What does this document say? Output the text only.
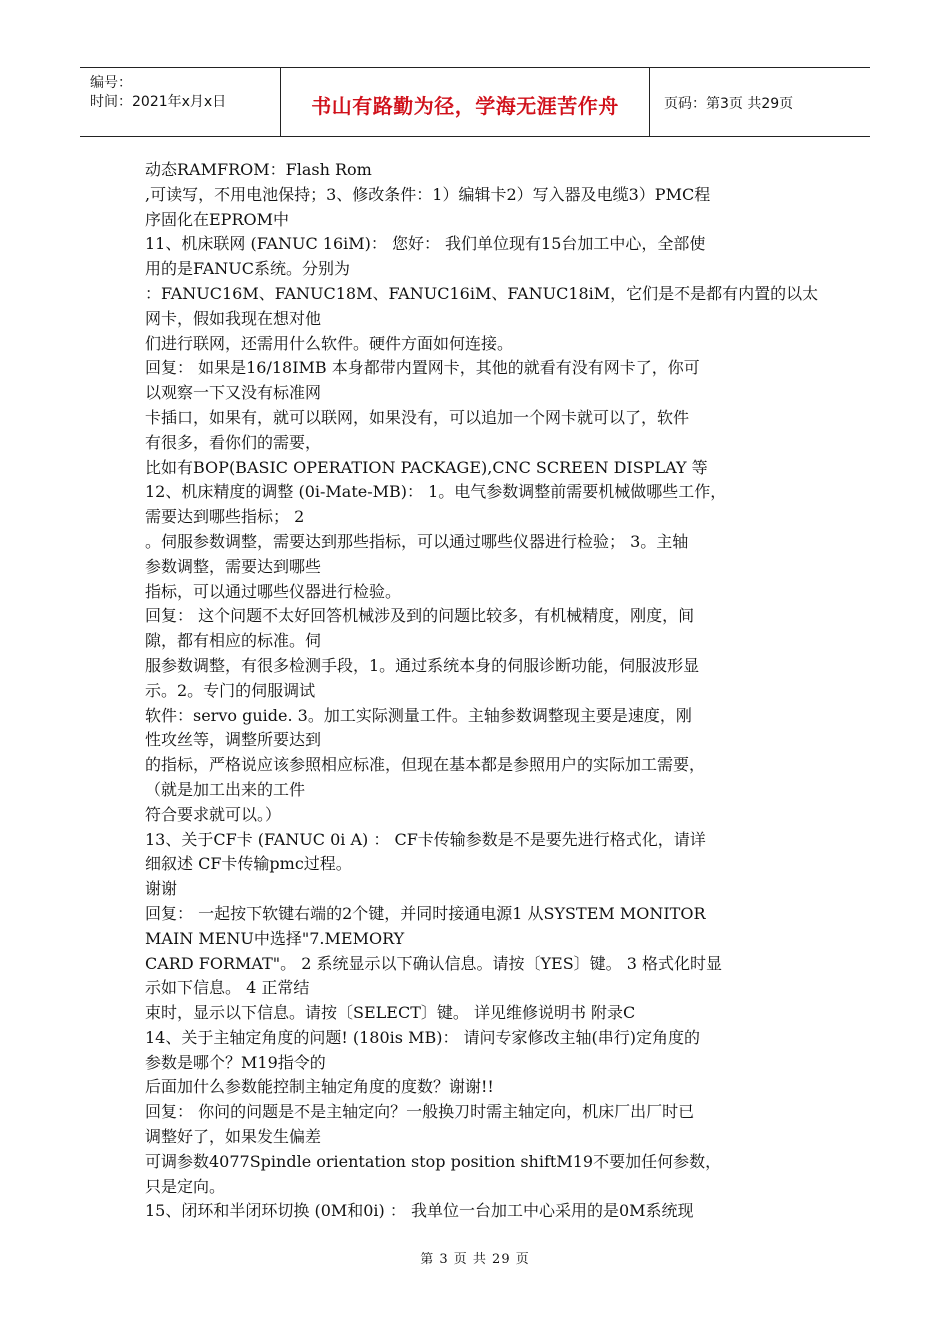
编号：
时间：2021年x月x日	书山有路勤为径，学海无涯苦作舟	页码：第3页 共29页
动态RAMFROM：Flash Rom
,可读写，不用电池保持；3、修改条件：1）编辑卡2）写入器及电缆3）PMC程
序固化在EPROM中
11、机床联网 (FANUC 16iM)： 您好： 我们单位现有15台加工中心，全部使
用的是FANUC系统。分别为
：FANUC16M、FANUC18M、FANUC16iM、FANUC18iM，它们是不是都有内置的以太
网卡，假如我现在想对他
们进行联网，还需用什么软件。硬件方面如何连接。
回复： 如果是16/18IMB 本身都带内置网卡，其他的就看有没有网卡了，你可
以观察一下又没有标准网
卡插口，如果有，就可以联网，如果没有，可以追加一个网卡就可以了，软件
有很多，看你们的需要，
比如有BOP(BASIC OPERATION PACKAGE),CNC SCREEN DISPLAY 等
12、机床精度的调整 (0i-Mate-MB)： 1。电气参数调整前需要机械做哪些工作，
需要达到哪些指标； 2
。伺服参数调整，需要达到那些指标，可以通过哪些仪器进行检验； 3。主轴
参数调整，需要达到哪些
指标，可以通过哪些仪器进行检验。
回复： 这个问题不太好回答机械涉及到的问题比较多，有机械精度，刚度，间
隙，都有相应的标准。伺
服参数调整，有很多检测手段，1。通过系统本身的伺服诊断功能，伺服波形显
示。2。专门的伺服调试
软件：servo guide. 3。加工实际测量工件。主轴参数调整现主要是速度，刚
性攻丝等，调整所要达到
的指标，严格说应该参照相应标准，但现在基本都是参照用户的实际加工需要，
（就是加工出来的工件
符合要求就可以。）
13、关于CF卡 (FANUC 0i A) ： CF卡传输参数是不是要先进行格式化，请详
细叙述 CF卡传输pmc过程。
谢谢
回复： 一起按下软键右端的2个键，并同时接通电源1 从SYSTEM MONITOR
MAIN MENU中选择"7.MEMORY
CARD FORMAT"。 2 系统显示以下确认信息。请按〔YES〕键。 3 格式化时显
示如下信息。 4 正常结
束时，显示以下信息。请按〔SELECT〕键。 详见维修说明书 附录C
14、关于主轴定角度的问题! (180is MB)： 请问专家修改主轴(串行)定角度的
参数是哪个？M19指令的
后面加什么参数能控制主轴定角度的度数？谢谢!!
回复： 你问的问题是不是主轴定向？一般换刀时需主轴定向，机床厂出厂时已
调整好了，如果发生偏差
可调参数4077Spindle orientation stop position shiftM19不要加任何参数，
只是定向。
15、闭环和半闭环切换 (0M和0i) ： 我单位一台加工中心采用的是0M系统现
第 3 页 共 29 页
